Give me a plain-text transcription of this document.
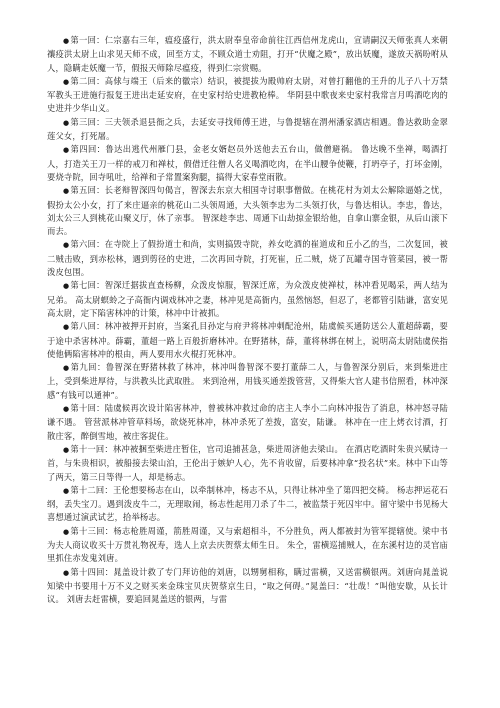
●第一回：仁宗嘉右三年，瘟疫盛行，洪太尉奉皇帝命前往江西信州龙虎山，宣请嗣汉天师张真人来朝禳疫洪太尉上山求见天师不成，回至方丈，不顾众道士劝阻，打开“伏魔之殿”，放出妖魔，遂放天祸吩咐从人，隐瞒走妖魔一节，假报天师除尽瘟疫，得到仁宗赏赐。

●第二回：高俅与端王（后来的徽宗）结识，被提拔为殿帅府太尉，对曾打翻他的王升的儿子八十万禁军教头王进施行报复王进出走延安府，在史家村给史进教枪棒。 华阴县中歌夜来史家村我常言月鸣酒吃肉的史进并少华山义。

●第三回：三夫领杀退县衙之兵，去延安寻找师傅王进，与鲁提辖在渭州潘家酒店相遇。鲁达救助金翠莲父女，打死屠。

●第四回：鲁达出逃代州雁门县，金老女婿赵员外送他去五台山，做僧避祸。 鲁达晚不坐禅，喝酒打人，打造关王刀一样的戒刀和禅杖，假借迁往僧人名义喝酒吃肉，在半山腰争使鞭，打坍亭子，打坏金刚，要烧寺院，回寺吼吐，给禅和子常置案狗腿，搞得大家春堂雨散。

●第五回：长老辩智深四句偈言，智深去东京大相国寺讨职事僧做。在桃花村为刘太公解除逼婚之忧，假扮太公小女，打了来庄逼亲的桃花山二头领周通，大头领李忠为二头领打伙，与鲁达相认。李忠，鲁达，刘太公三人到桃花山聚义厅，休了亲事。 智深趁李忠、周通下山劫掠金银给他，自拿山寨金银，从后山滚下而去。

●第六回：在寺院上了假扮道士和尚，实则搞毁寺院，养女吃酒的崔道成和丘小乙的当，二次复回，被二贼击败，到赤松林，遇到剪径的史进，二次再回寺院，打死崔，丘二贼，烧了瓦罐寺国寺管菜园，被一帮泼皮包围。

●第七回：智深迁据拔直查杨柳，众泼皮惊服，智深迁席，为众泼皮使禅杖，林冲看见喝采，两人结为兄弟。 高太尉螟蛉之子高衙内调戏林冲之妻，林冲见是高衙内，虽然恼怒，但忍了，老都管引陆谦，富安见高太尉，定下陷害林冲的计策，林冲中计被抓。

●第八回：林冲被押开封府，当案孔目孙定与府尹将林冲刺配沧州，陆虞候买通防送公人董超薛霸，要于途中杀害林冲。薛霸，董超一路上百般折磨林冲。在野猪林，薛，董将林绑在树上，说明高太尉陆虞侯指使他俩陷害林冲的根由，两人要用水火棍打死林冲。

●第九回：鲁智深在野猪林救了林冲，林冲叫鲁智深不要打董薛二人，与鲁智深分别后，来到柴进庄上，受到柴进厚待，与洪教头比武取胜。 来到沧州，用钱买通差拨管营，又得柴大官人建书信照看，林冲深感“有钱可以通神”。

●第十回：陆虞候再次设计陷害林冲，曾被林冲救过命的店主人李小二向林冲报告了消息，林冲怒寻陆谦不遇。 管营派林冲管草料场，欲烧死林冲，林冲杀死了差拨，富安，陆谦。 林冲在一庄上烤衣讨酒，打散庄客，醉倒雪地，被庄客捉住。

●第十一回：林冲被捆至柴进庄暂住，官司追捕甚急，柴进周济他去梁山。 在酒店吃酒时朱贵兴赋诗一首，与朱贵相识，被船接去梁山泊，王伦出于嫉妒人心，先不肯收留，后要林冲拿“投名状”来。林中下山等了两天，第三日等得一人，却是杨志。

●第十二回：王伦想要杨志在山，以牵制林冲，杨志不从，只得让林冲坐了第四把交椅。 杨志押运花石纲，丢失宝刀。遇到泼皮牛二，无理取闹，杨志性起用刀杀了牛二，被监禁于死囚牢中。留守梁中书见杨大喜想通过演武试艺，拾举杨志。

●第十三回：杨志枪胜周谨，箭胜周谨，又与索超相斗，不分胜负，两人都被封为管军提辖使。梁中书为夫人商议收买十万贯礼物祝寿，选人上京去庆贺蔡太师生日。 朱仝，雷横巡捕贼人，在东溪村边的灵官庙里抓住赤发鬼刘唐。

●第十四回：晁盖设计救了专门拜访他的刘唐，以甥舅相称，瞒过雷横，又送雷横银两。刘唐向晁盖说知梁中书要用十万不义之财买来金珠宝贝庆贺蔡京生日，“取之何碍。”晁盖曰：“壮哉！”叫他安歇，从长计议。 刘唐去赶雷横，要追回晁盖送的银两，与雷
